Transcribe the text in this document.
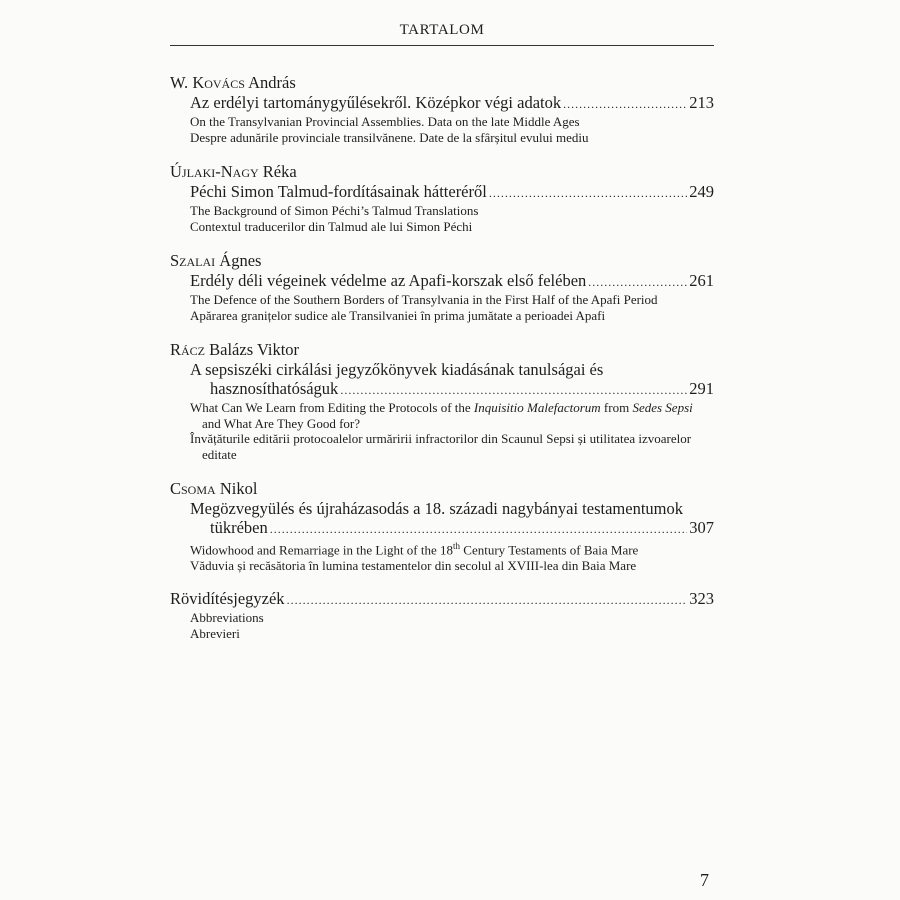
TARTALOM
W. Kovács András
Az erdélyi tartománygyűlésekről. Középkor végi adatok .....	213
On the Transylvanian Provincial Assemblies. Data on the late Middle Ages
Despre adunările provinciale transilvănene. Date de la sfârșitul evului mediu
Újlaki-Nagy Réka
Péchi Simon Talmud-fordításainak hátteréről .....	249
The Background of Simon Péchi’s Talmud Translations
Contextul traducerilor din Talmud ale lui Simon Péchi
Szalai Ágnes
Erdély déli végeinek védelme az Apafi-korszak első felében .....	261
The Defence of the Southern Borders of Transylvania in the First Half of the Apafi Period
Apărarea granițelor sudice ale Transilvaniei în prima jumătate a perioadei Apafi
Rácz Balázs Viktor
A sepsiszéki cirkálási jegyzőkönyvek kiadásának tanulságai és
hasznosíthatóságuk .....	291
What Can We Learn from Editing the Protocols of the Inquisitio Malefactorum from Sedes Sepsi
and What Are They Good for?
Învățăturile editării protocoalelor urmăririi infractorilor din Scaunul Sepsi și utilitatea izvoarelor
editate
Csoma Nikol
Megözvegyülés és újraházasodás a 18. századi nagybányai testamentumok
tükrében .....	307
Widowhood and Remarriage in the Light of the 18th Century Testaments of Baia Mare
Văduvia și recăsătoria în lumina testamentelor din secolul al XVIII-lea din Baia Mare
Rövidítésjegyzék .....	323
Abbreviations
Abrevieri
7
